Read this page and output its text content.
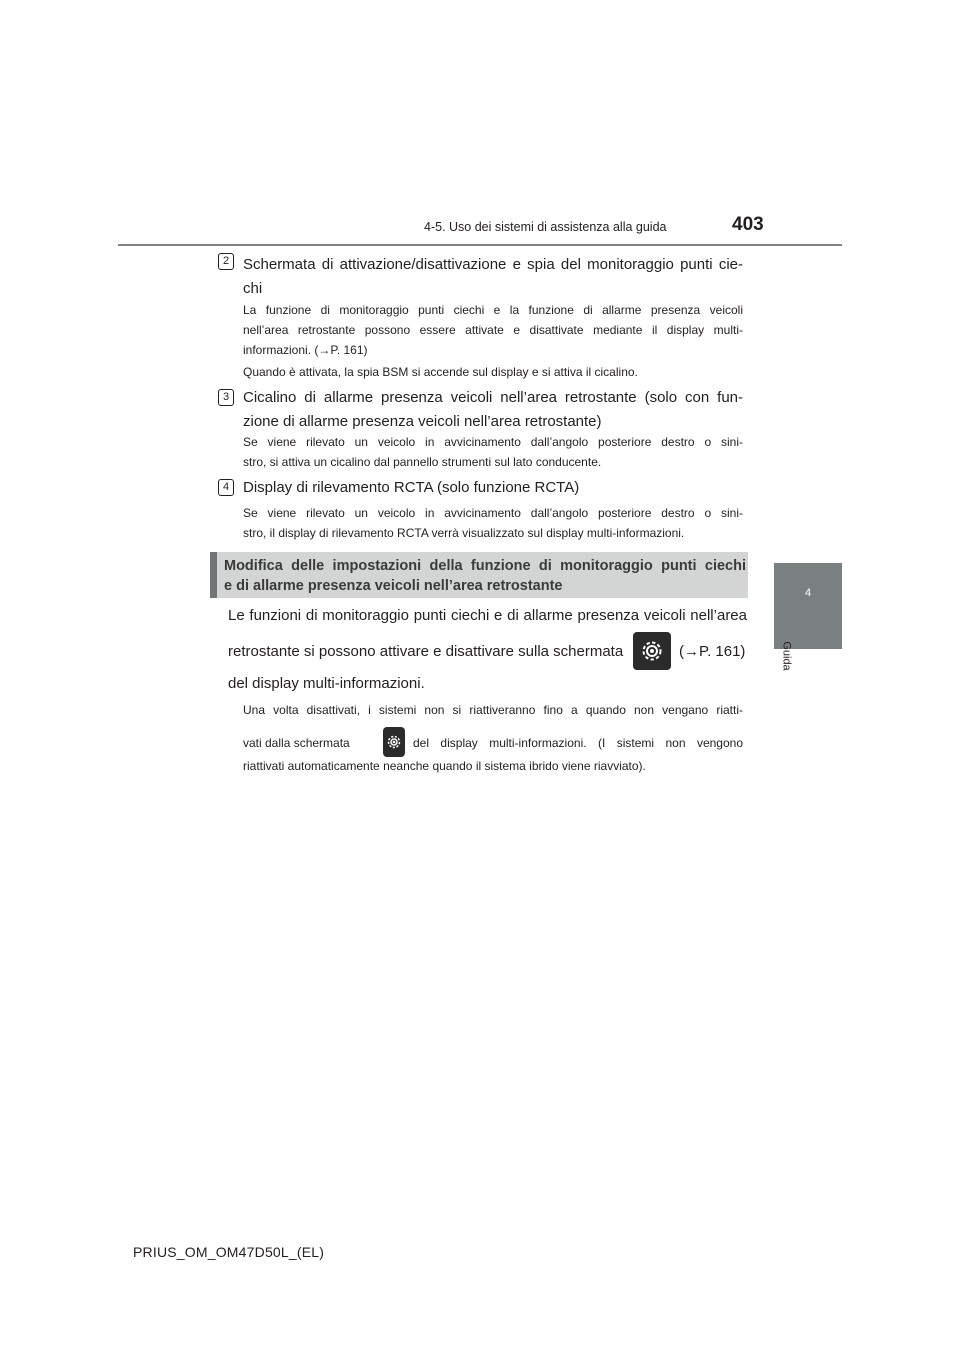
4-5. Uso dei sistemi di assistenza alla guida	403
4
Guida
2 Schermata di attivazione/disattivazione e spia del monitoraggio punti cie-
chi
La funzione di monitoraggio punti ciechi e la funzione di allarme presenza veicoli
nell’area retrostante possono essere attivate e disattivate mediante il display multi-
informazioni. (→P. 161)
Quando è attivata, la spia BSM si accende sul display e si attiva il cicalino.
3 Cicalino di allarme presenza veicoli nell’area retrostante (solo con fun-
zione di allarme presenza veicoli nell’area retrostante)
Se viene rilevato un veicolo in avvicinamento dall’angolo posteriore destro o sini-
stro, si attiva un cicalino dal pannello strumenti sul lato conducente.
4 Display di rilevamento RCTA (solo funzione RCTA)
Se viene rilevato un veicolo in avvicinamento dall’angolo posteriore destro o sini-
stro, il display di rilevamento RCTA verrà visualizzato sul display multi-informazioni.
Modifica delle impostazioni della funzione di monitoraggio punti ciechi
e di allarme presenza veicoli nell’area retrostante
Le funzioni di monitoraggio punti ciechi e di allarme presenza veicoli nell’area
retrostante si possono attivare e disattivare sulla schermata	(→P. 161)
del display multi-informazioni.
Una volta disattivati, i sistemi non si riattiveranno fino a quando non vengano riatti-
vati dalla schermata	del display multi-informazioni. (I sistemi non vengono
riattivati automaticamente neanche quando il sistema ibrido viene riavviato).
PRIUS_OM_OM47D50L_(EL)
